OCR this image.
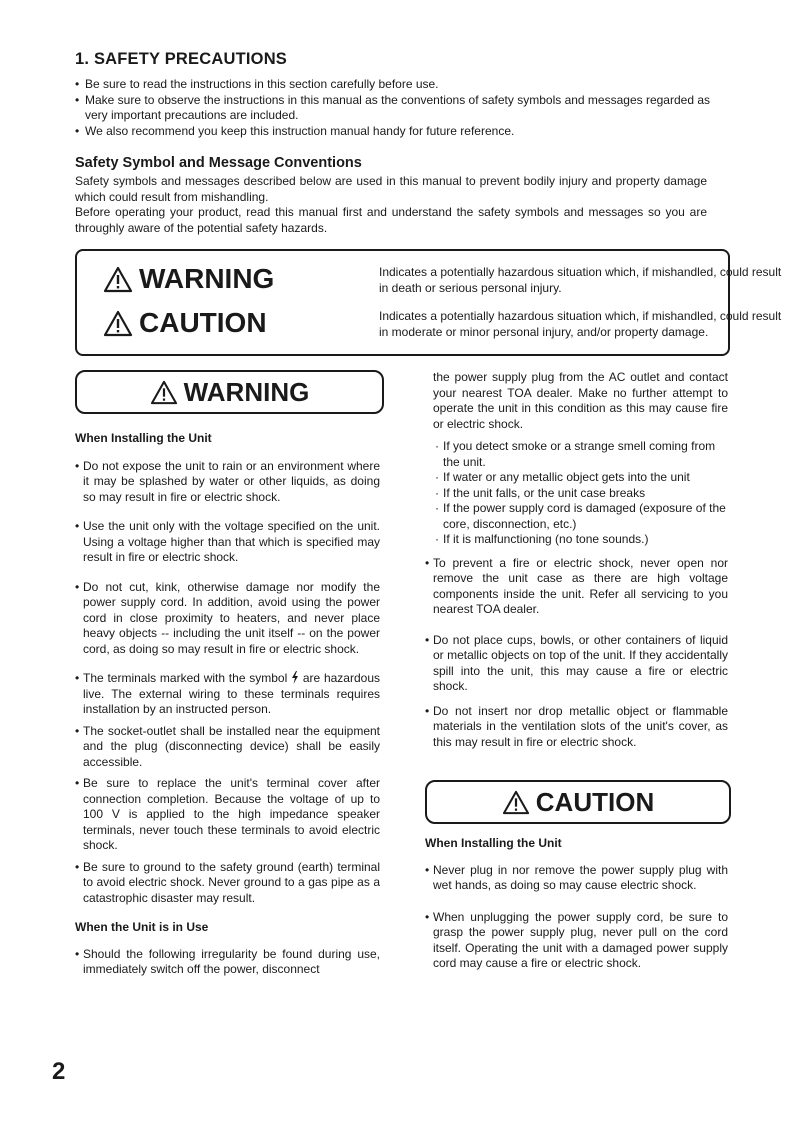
1. SAFETY PRECAUTIONS
• Be sure to read the instructions in this section carefully before use.
• Make sure to observe the instructions in this manual as the conventions of safety symbols and messages regarded as very important precautions are included.
• We also recommend you keep this instruction manual handy for future reference.
Safety Symbol and Message Conventions

Safety symbols and messages described below are used in this manual to prevent bodily injury and property damage which could result from mishandling.

Before operating your product, read this manual first and understand the safety symbols and messages so you are throughly aware of the potential safety hazards.

WARNING	Indicates a potentially hazardous situation which, if mishandled, could result in death or serious personal injury.
CAUTION	Indicates a potentially hazardous situation which, if mishandled, could result in moderate or minor personal injury, and/or property damage.
WARNING

When Installing the Unit

• Do not expose the unit to rain or an environment where it may be splashed by water or other liquids, as doing so may result in fire or electric shock.

• Use the unit only with the voltage specified on the unit. Using a voltage higher than that which is specified may result in fire or electric shock.

• Do not cut, kink, otherwise damage nor modify the power supply cord. In addition, avoid using the power cord in close proximity to heaters, and never place heavy objects -- including the unit itself -- on the power cord, as doing so may result in fire or electric shock.

• The terminals marked with the symbol are hazardous live. The external wiring to these terminals requires installation by an instructed person.

• The socket-outlet shall be installed near the equipment and the plug (disconnecting device) shall be easily accessible.

• Be sure to replace the unit's terminal cover after connection completion. Because the voltage of up to 100 V is applied to the high impedance speaker terminals, never touch these terminals to avoid electric shock.

• Be sure to ground to the safety ground (earth) terminal to avoid electric shock. Never ground to a gas pipe as a catastrophic disaster may result.

When the Unit is in Use

• Should the following irregularity be found during use, immediately switch off the power, disconnect

the power supply plug from the AC outlet and contact your nearest TOA dealer. Make no further attempt to operate the unit in this condition as this may cause fire or electric shock.

· If you detect smoke or a strange smell coming from the unit.

· If water or any metallic object gets into the unit

· If the unit falls, or the unit case breaks

· If the power supply cord is damaged (exposure of the core, disconnection, etc.)

· If it is malfunctioning (no tone sounds.)

• To prevent a fire or electric shock, never open nor remove the unit case as there are high voltage components inside the unit. Refer all servicing to you nearest TOA dealer.

• Do not place cups, bowls, or other containers of liquid or metallic objects on top of the unit. If they accidentally spill into the unit, this may cause a fire or electric shock.

• Do not insert nor drop metallic object or flammable materials in the ventilation slots of the unit's cover, as this may result in fire or electric shock.

CAUTION

When Installing the Unit

• Never plug in nor remove the power supply plug with wet hands, as doing so may cause electric shock.

• When unplugging the power supply cord, be sure to grasp the power supply plug, never pull on the cord itself. Operating the unit with a damaged power supply cord may cause a fire or electric shock.

2
